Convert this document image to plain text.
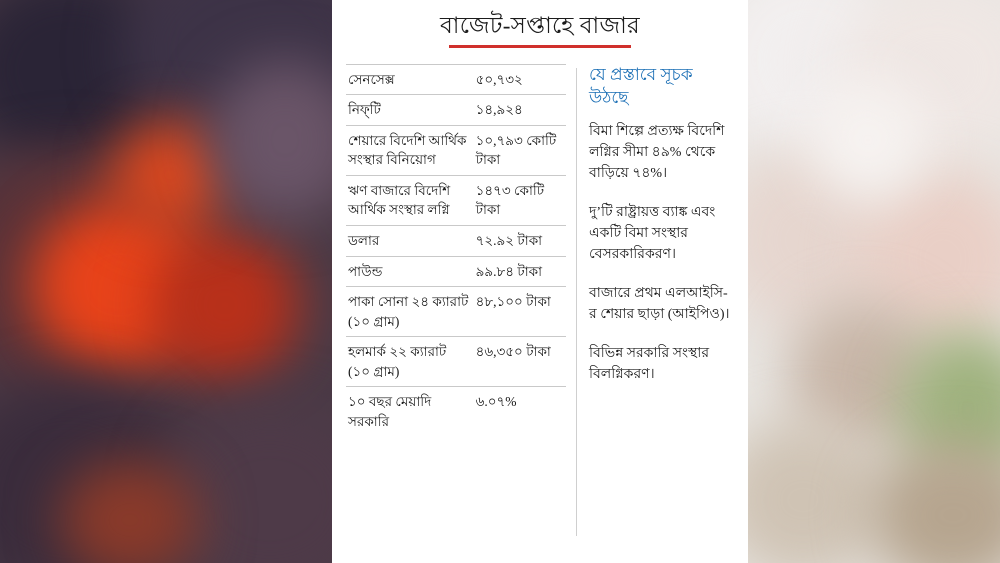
বাজেট-সপ্তাহে বাজার
সেনসেক্স	৫০,৭৩২
নিফ্‌টি	১৪,৯২৪
শেয়ারে বিদেশি আর্থিক সংস্থার বিনিয়োগ	১০,৭৯৩ কোটি টাকা
ঋণ বাজারে বিদেশি আর্থিক সংস্থার লগ্নি	১৪৭৩ কোটি টাকা
ডলার	৭২.৯২ টাকা
পাউন্ড	৯৯.৮৪ টাকা
পাকা সোনা ২৪ ক্যারাট (১০ গ্রাম)	৪৮,১০০ টাকা
হলমার্ক ২২ ক্যারাট (১০ গ্রাম)	৪৬,৩৫০ টাকা
১০ বছর মেয়াদি সরকারি	৬.০৭%
যে প্রস্তাবে সূচক উঠছে
বিমা শিল্পে প্রত্যক্ষ বিদেশি লগ্নির সীমা ৪৯% থেকে বাড়িয়ে ৭৪%।
দু’টি রাষ্ট্রায়ত্ত ব্যাঙ্ক এবং একটি বিমা সংস্থার বেসরকারিকরণ।
বাজারে প্রথম এলআইসি-র শেয়ার ছাড়া (আইপিও)।
বিভিন্ন সরকারি সংস্থার বিলগ্নিকরণ।
